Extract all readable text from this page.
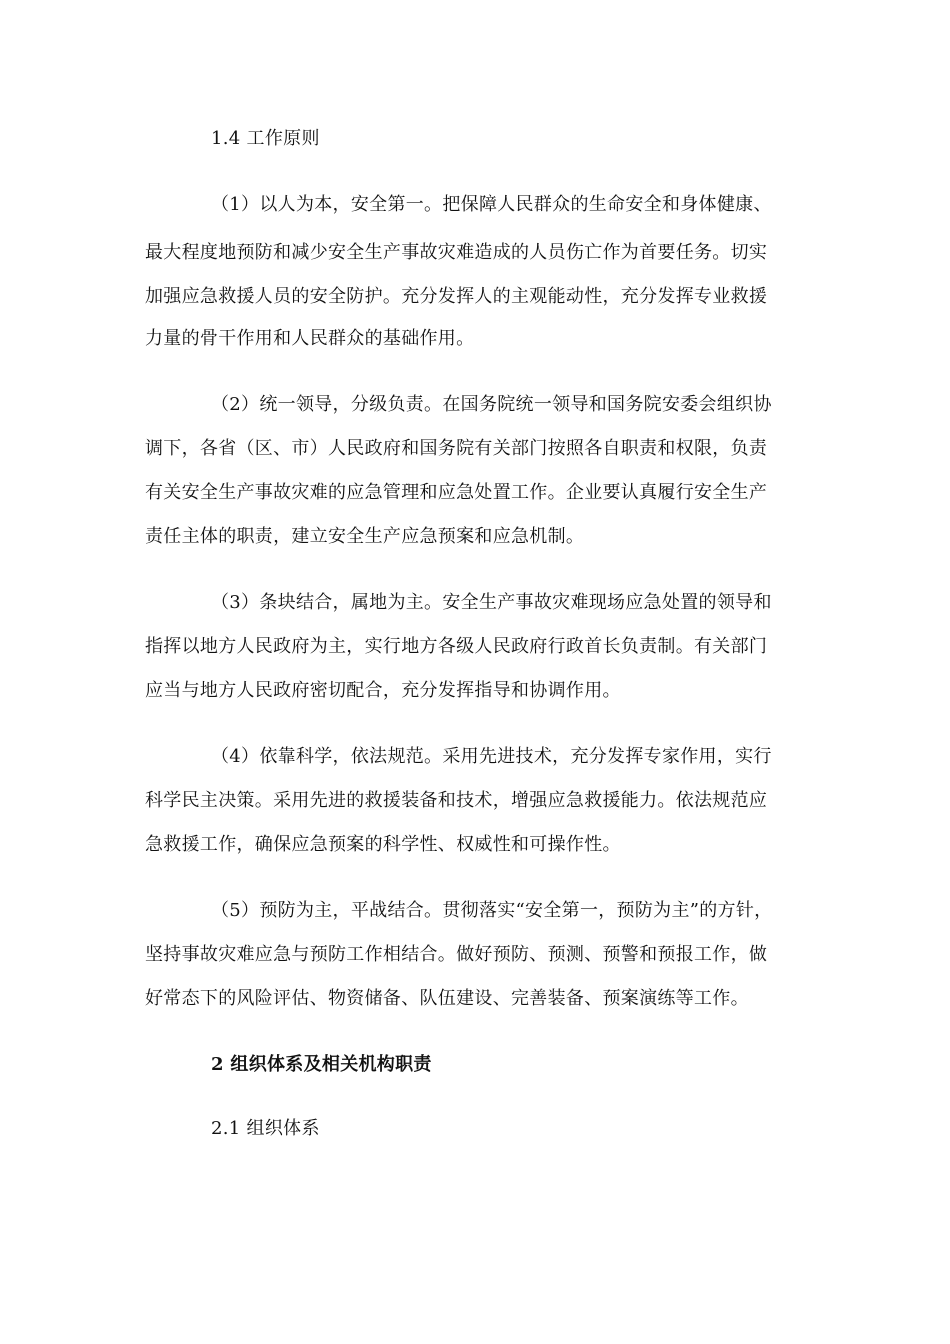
1.4 工作原则
（1）以人为本，安全第一。把保障人民群众的生命安全和身体健康、
最大程度地预防和减少安全生产事故灾难造成的人员伤亡作为首要任务。切实
加强应急救援人员的安全防护。充分发挥人的主观能动性，充分发挥专业救援
力量的骨干作用和人民群众的基础作用。
（2）统一领导，分级负责。在国务院统一领导和国务院安委会组织协
调下，各省（区、市）人民政府和国务院有关部门按照各自职责和权限，负责
有关安全生产事故灾难的应急管理和应急处置工作。企业要认真履行安全生产
责任主体的职责，建立安全生产应急预案和应急机制。
（3）条块结合，属地为主。安全生产事故灾难现场应急处置的领导和
指挥以地方人民政府为主，实行地方各级人民政府行政首长负责制。有关部门
应当与地方人民政府密切配合，充分发挥指导和协调作用。
（4）依靠科学，依法规范。采用先进技术，充分发挥专家作用，实行
科学民主决策。采用先进的救援装备和技术，增强应急救援能力。依法规范应
急救援工作，确保应急预案的科学性、权威性和可操作性。
（5）预防为主，平战结合。贯彻落实“安全第一，预防为主”的方针，
坚持事故灾难应急与预防工作相结合。做好预防、预测、预警和预报工作，做
好常态下的风险评估、物资储备、队伍建设、完善装备、预案演练等工作。
2 组织体系及相关机构职责
2.1 组织体系
